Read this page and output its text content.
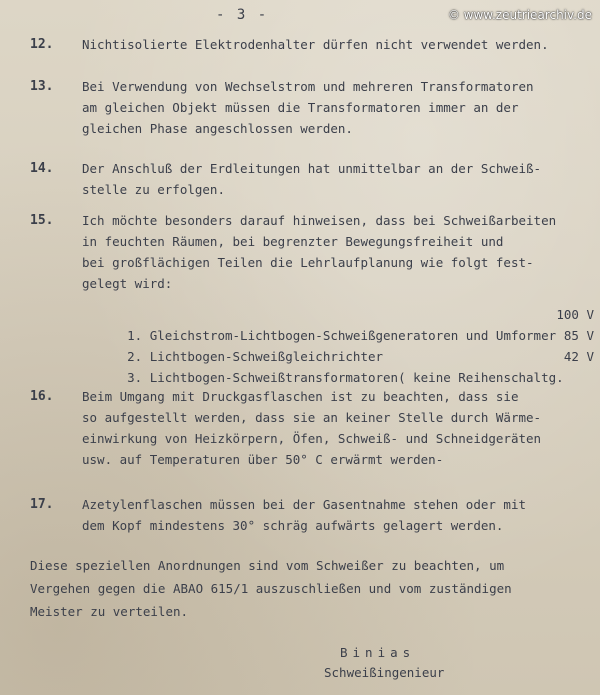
- 3 -	© www.zeutriearchiv.de
12. Nichtisolierte Elektrodenhalter dürfen nicht verwendet werden.
13. Bei Verwendung von Wechselstrom und mehreren Transformatoren
am gleichen Objekt müssen die Transformatoren immer an der
gleichen Phase angeschlossen werden.
14. Der Anschluß der Erdleitungen hat unmittelbar an der Schweiß-
stelle zu erfolgen.
15. Ich möchte besonders darauf hinweisen, dass bei Schweißarbeiten
in feuchten Räumen, bei begrenzter Bewegungsfreiheit und
bei großflächigen Teilen die Lehrlaufplanung wie folgt fest-
gelegt wird:

1. Gleichstrom-Lichtbogen-Schweißgeneratoren und Umformer

100 V

2. Lichtbogen-Schweißgleichrichter

85 V

3. Lichtbogen-Schweißtransformatoren( keine Reihenschaltg.

42 V

16. Beim Umgang mit Druckgasflaschen ist zu beachten, dass sie
so aufgestellt werden, dass sie an keiner Stelle durch Wärme-
einwirkung von Heizkörpern, Öfen, Schweiß- und Schneidgeräten
usw. auf Temperaturen über 50° C erwärmt werden-
17. Azetylenflaschen müssen bei der Gasentnahme stehen oder mit
dem Kopf mindestens 30° schräg aufwärts gelagert werden.
Diese speziellen Anordnungen sind vom Schweißer zu beachten, um
Vergehen gegen die ABAO 615/1 auszuschließen und vom zuständigen
Meister zu verteilen.
Binias
Schweißingenieur
